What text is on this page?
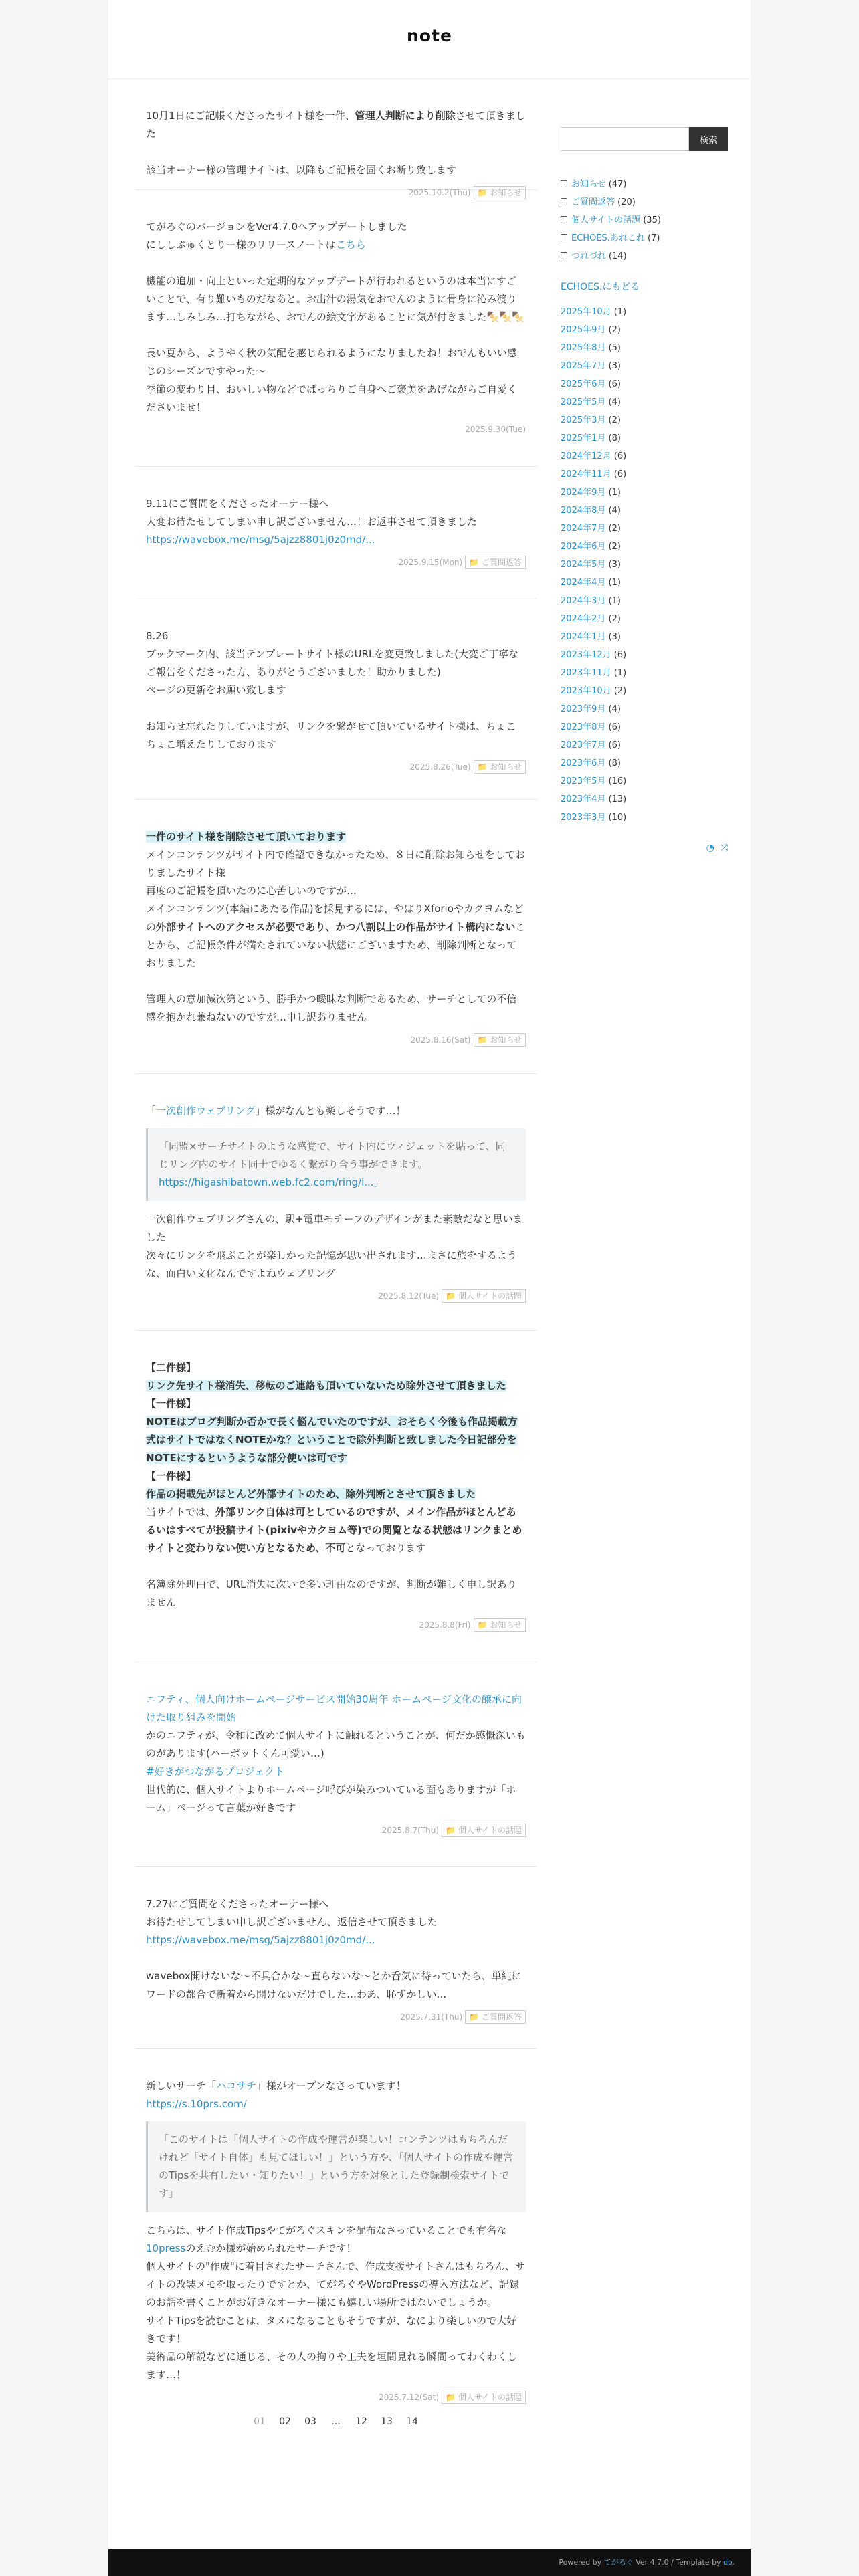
note

10月1日にご記帳くださったサイト様を一件、管理人判断により削除させて頂きました

該当オーナー様の管理サイトは、以降もご記帳を固くお断り致します

2025.10.2(Thu) 📁 お知らせ

てがろぐのバージョンをVer4.7.0へアップデートしました

にししぶゅくとりー様のリリースノートはこちら

機能の追加・向上といった定期的なアップデートが行われるというのは本当にすごいことで、有り難いものだなあと。お出汁の湯気をおでんのように骨身に沁み渡ります…しみしみ…打ちながら、おでんの絵文字があることに気が付きました🍢🍢🍢

長い夏から、ようやく秋の気配を感じられるようになりましたね！おでんもいい感じのシーズンですやった〜

季節の変わり目、おいしい物などでばっちりご自身へご褒美をあげながらご自愛くださいませ！

2025.9.30(Tue)

9.11にご質問をくださったオーナー様へ

大変お待たせしてしまい申し訳ございません…！お返事させて頂きました

https://wavebox.me/msg/5ajzz8801j0z0md/...

2025.9.15(Mon) 📁 ご質問返答

8.26

ブックマーク内、該当テンプレートサイト様のURLを変更致しました(大変ご丁寧なご報告をくださった方、ありがとうございました！助かりました)

ページの更新をお願い致します

お知らせ忘れたりしていますが、リンクを繋がせて頂いているサイト様は、ちょこちょこ増えたりしております

2025.8.26(Tue) 📁 お知らせ

一件のサイト様を削除させて頂いております

メインコンテンツがサイト内で確認できなかったため、８日に削除お知らせをしておりましたサイト様

再度のご記帳を頂いたのに心苦しいのですが…

メインコンテンツ(本編にあたる作品)を採見するには、やはりXforioやカクヨムなどの外部サイトへのアクセスが必要であり、かつ八割以上の作品がサイト構内にないことから、ご記帳条件が満たされていない状態にございますため、削除判断となっておりました

管理人の意加減次第という、勝手かつ曖昧な判断であるため、サーチとしての不信感を抱かれ兼ねないのですが…申し訳ありません

2025.8.16(Sat) 📁 お知らせ

「一次創作ウェブリング」様がなんとも楽しそうです…！

「同盟×サーチサイトのような感覚で、サイト内にウィジェットを貼って、同じリング内のサイト同士でゆるく繋がり合う事ができます。
https://higashibatown.web.fc2.com/ring/i...」

一次創作ウェブリングさんの、駅+電車モチーフのデザインがまた素敵だなと思いました

次々にリンクを飛ぶことが楽しかった記憶が思い出されます…まさに旅をするような、面白い文化なんですよねウェブリング

2025.8.12(Tue) 📁 個人サイトの話題

【二件様】

リンク先サイト様消失、移転のご連絡も頂いていないため除外させて頂きました

【一件様】

NOTEはブログ判断か否かで長く悩んでいたのですが、おそらく今後も作品掲載方式はサイトではなくNOTEかな？ということで除外判断と致しました今日記部分をNOTEにするというような部分使いは可です

【一件様】

作品の掲載先がほとんど外部サイトのため、除外判断とさせて頂きました

当サイトでは、外部リンク自体は可としているのですが、メイン作品がほとんどあるいはすべてが投稿サイト(pixivやカクヨム等)での閲覧となる状態はリンクまとめサイトと変わりない使い方となるため、不可となっております

名簿除外理由で、URL消失に次いで多い理由なのですが、判断が難しく申し訳ありません

2025.8.8(Fri) 📁 お知らせ

ニフティ、個人向けホームページサービス開始30周年 ホームページ文化の醸承に向けた取り組みを開始

かのニフティが、令和に改めて個人サイトに触れるということが、何だか感慨深いものがあります(ハーボットくん可愛い…)

#好きがつながるプロジェクト

世代的に、個人サイトよりホームページ呼びが染みついている面もありますが「ホーム」ページって言葉が好きです

2025.8.7(Thu) 📁 個人サイトの話題

7.27にご質問をくださったオーナー様へ

お待たせしてしまい申し訳ございません、返信させて頂きました

https://wavebox.me/msg/5ajzz8801j0z0md/...

wavebox開けないな〜不具合かな〜直らないな〜とか呑気に待っていたら、単純にワードの都合で新着から開けないだけでした…わあ、恥ずかしい…

2025.7.31(Thu) 📁 ご質問返答

新しいサーチ「ハコサチ」様がオープンなさっています！

https://s.10prs.com/

「このサイトは「個人サイトの作成や運営が楽しい！コンテンツはもちろんだけれど「サイト自体」も見てほしい！」という方や、「個人サイトの作成や運営のTipsを共有したい・知りたい！」という方を対象とした登録制検索サイトです」

こちらは、サイト作成Tipsやてがろぐスキンを配布なさっていることでも有名な10pressのえむか様が始められたサーチです！

個人サイトの"作成"に着目されたサーチさんで、作成支援サイトさんはもちろん、サイトの改装メモを取ったりですとか、てがろぐやWordPressの導入方法など、記録のお話を書くことがお好きなオーナー様にも嬉しい場所ではないでしょうか。

サイトTipsを読むことは、タメになることもそうですが、なにより楽しいので大好きです！

美術品の解説などに通じる、その人の拘りや工夫を垣間見れる瞬間ってわくわくします…！

2025.7.12(Sat) 📁 個人サイトの話題
01 02 03 … 12 13 14
検索
お知らせ (47)
ご質問返答 (20)
個人サイトの話題 (35)
ECHOES.あれこれ (7)
つれづれ (14)
ECHOES.にもどる
2025年10月 (1)
2025年9月 (2)
2025年8月 (5)
2025年7月 (3)
2025年6月 (6)
2025年5月 (4)
2025年3月 (2)
2025年1月 (8)
2024年12月 (6)
2024年11月 (6)
2024年9月 (1)
2024年8月 (4)
2024年7月 (2)
2024年6月 (2)
2024年5月 (3)
2024年4月 (1)
2024年3月 (1)
2024年2月 (2)
2024年1月 (3)
2023年12月 (6)
2023年11月 (1)
2023年10月 (2)
2023年9月 (4)
2023年8月 (6)
2023年7月 (6)
2023年6月 (8)
2023年5月 (16)
2023年4月 (13)
2023年3月 (10)
◔ ⤮
Powered by てがろぐ Ver 4.7.0 / Template by do.
